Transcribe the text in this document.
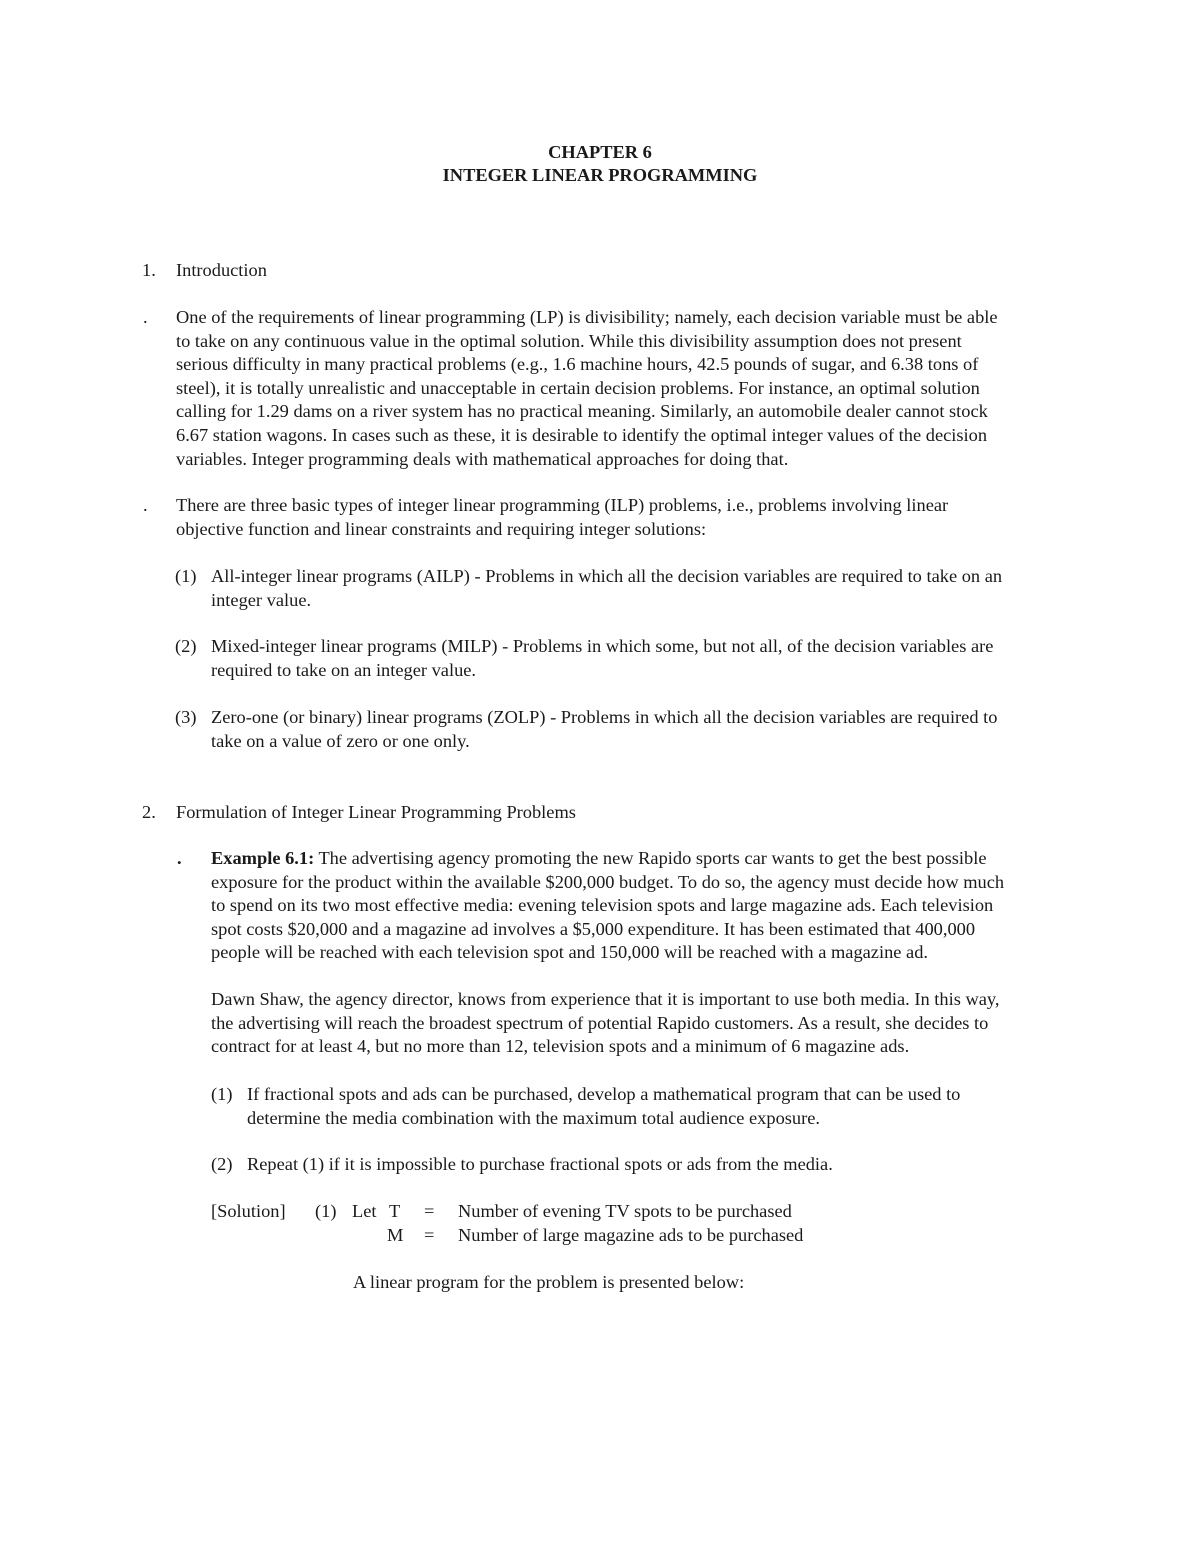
CHAPTER 6
INTEGER LINEAR PROGRAMMING
1.	Introduction
. One of the requirements of linear programming (LP) is divisibility; namely, each decision variable must be able
to take on any continuous value in the optimal solution. While this divisibility assumption does not present
serious difficulty in many practical problems (e.g., 1.6 machine hours, 42.5 pounds of sugar, and 6.38 tons of
steel), it is totally unrealistic and unacceptable in certain decision problems. For instance, an optimal solution
calling for 1.29 dams on a river system has no practical meaning. Similarly, an automobile dealer cannot stock
6.67 station wagons. In cases such as these, it is desirable to identify the optimal integer values of the decision
variables. Integer programming deals with mathematical approaches for doing that.
. There are three basic types of integer linear programming (ILP) problems, i.e., problems involving linear
objective function and linear constraints and requiring integer solutions:
(1) All-integer linear programs (AILP) - Problems in which all the decision variables are required to take on an
integer value.
(2) Mixed-integer linear programs (MILP) - Problems in which some, but not all, of the decision variables are
required to take on an integer value.
(3) Zero-one (or binary) linear programs (ZOLP) - Problems in which all the decision variables are required to
take on a value of zero or one only.
2.	Formulation of Integer Linear Programming Problems
. Example 6.1: The advertising agency promoting the new Rapido sports car wants to get the best possible
exposure for the product within the available $200,000 budget. To do so, the agency must decide how much
to spend on its two most effective media: evening television spots and large magazine ads. Each television
spot costs $20,000 and a magazine ad involves a $5,000 expenditure. It has been estimated that 400,000
people will be reached with each television spot and 150,000 will be reached with a magazine ad.
Dawn Shaw, the agency director, knows from experience that it is important to use both media. In this way,
the advertising will reach the broadest spectrum of potential Rapido customers. As a result, she decides to
contract for at least 4, but no more than 12, television spots and a minimum of 6 magazine ads.
(1) If fractional spots and ads can be purchased, develop a mathematical program that can be used to
determine the media combination with the maximum total audience exposure.
(2) Repeat (1) if it is impossible to purchase fractional spots or ads from the media.
[Solution] (1) Let T = Number of evening TV spots to be purchased
M = Number of large magazine ads to be purchased
A linear program for the problem is presented below:
